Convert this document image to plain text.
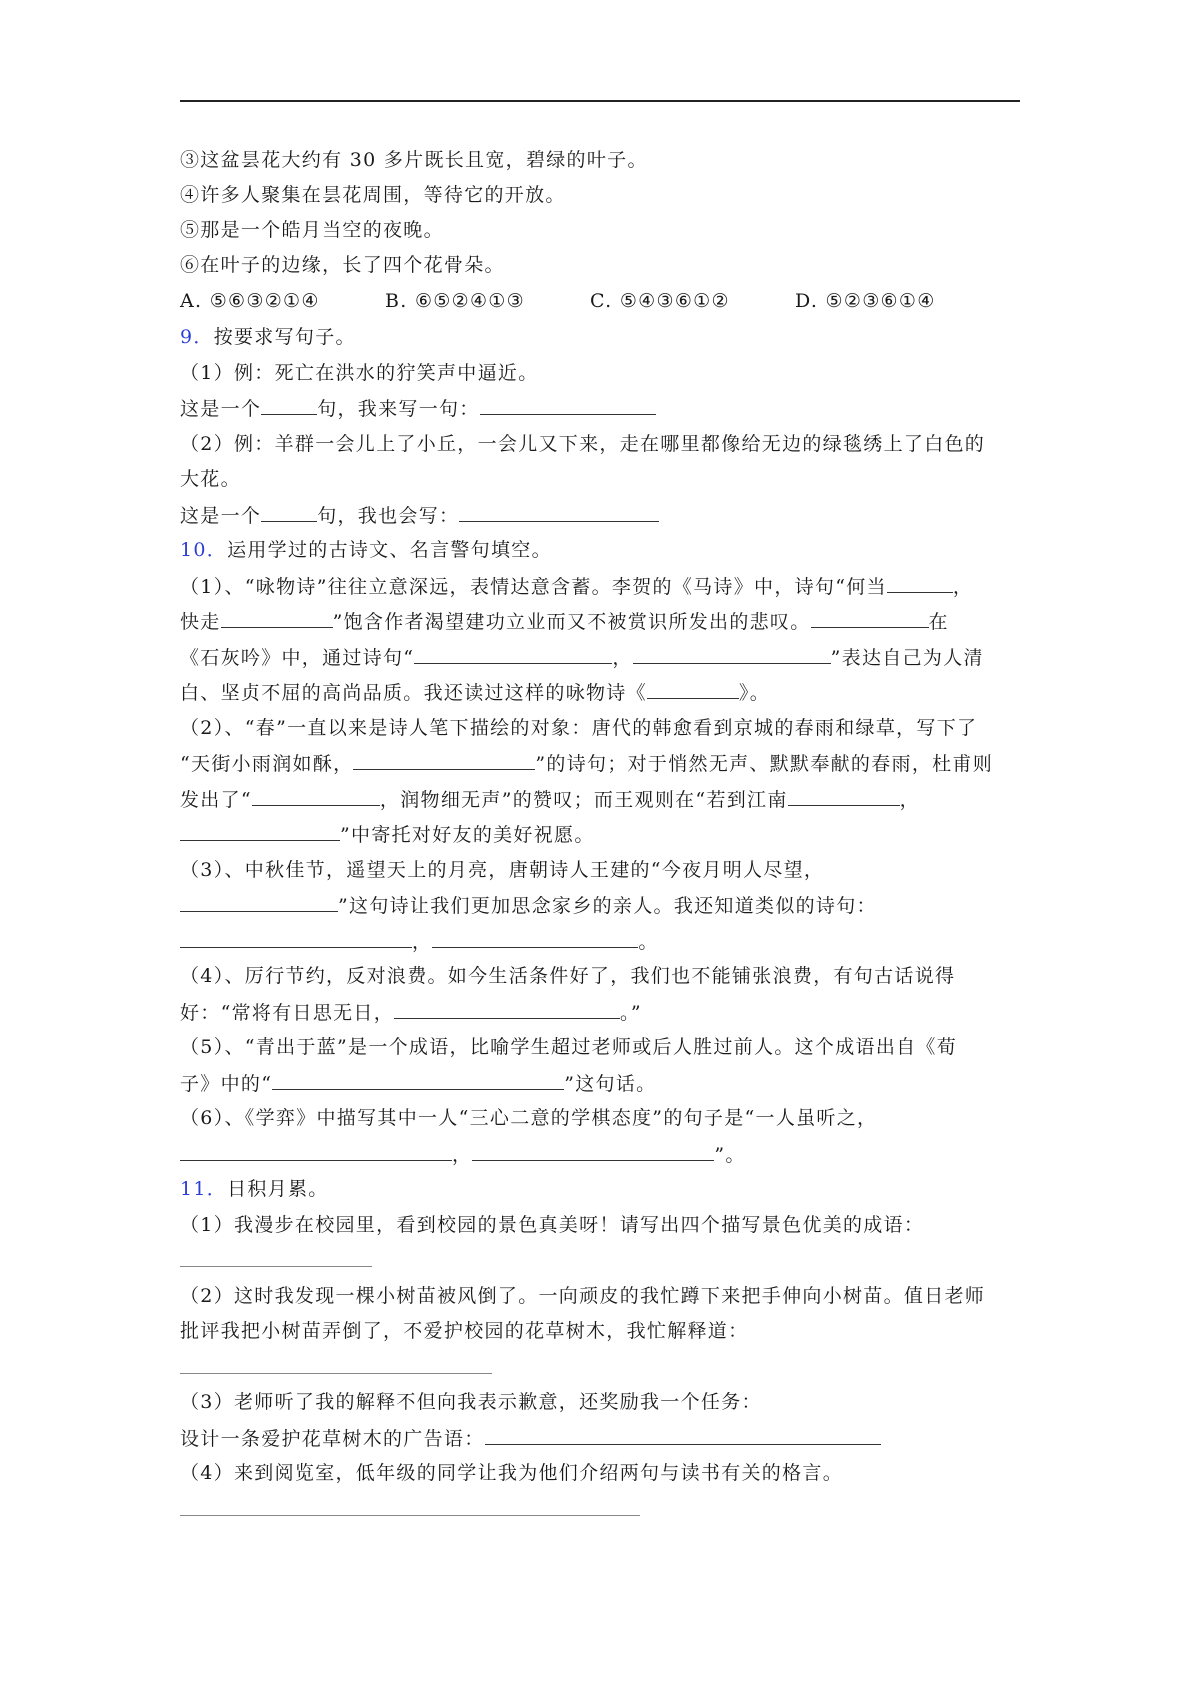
③这盆昙花大约有 30 多片既长且宽，碧绿的叶子。
④许多人聚集在昙花周围，等待它的开放。
⑤那是一个皓月当空的夜晚。
⑥在叶子的边缘，长了四个花骨朵。
A. ⑤⑥③②①④	B. ⑥⑤②④①③	C. ⑤④③⑥①②	D. ⑤②③⑥①④
9．按要求写句子。
（1）例：死亡在洪水的狞笑声中逼近。
这是一个	句，我来写一句：
（2）例：羊群一会儿上了小丘，一会儿又下来，走在哪里都像给无边的绿毯绣上了白色的
大花。
这是一个	句，我也会写：
10．运用学过的古诗文、名言警句填空。
（1）、“咏物诗”往往立意深远，表情达意含蓄。李贺的《马诗》中，诗句“何当	，
快走	”饱含作者渴望建功立业而又不被赏识所发出的悲叹。	在
《石灰吟》中，通过诗句“	，	”表达自己为人清
白、坚贞不屈的高尚品质。我还读过这样的咏物诗《	》。
（2）、“春”一直以来是诗人笔下描绘的对象：唐代的韩愈看到京城的春雨和绿草，写下了
“天街小雨润如酥，	”的诗句；对于悄然无声、默默奉献的春雨，杜甫则
发出了“	，润物细无声”的赞叹；而王观则在“若到江南	，
”中寄托对好友的美好祝愿。
（3）、中秋佳节，遥望天上的月亮，唐朝诗人王建的“今夜月明人尽望，
”这句诗让我们更加思念家乡的亲人。我还知道类似的诗句：
，	。
（4）、厉行节约，反对浪费。如今生活条件好了，我们也不能铺张浪费，有句古话说得
好：“常将有日思无日，	。”
（5）、“青出于蓝”是一个成语，比喻学生超过老师或后人胜过前人。这个成语出自《荀
子》中的“	”这句话。
（6）、《学弈》中描写其中一人“三心二意的学棋态度”的句子是“一人虽听之，
，	”。
11．日积月累。
（1）我漫步在校园里，看到校园的景色真美呀！请写出四个描写景色优美的成语：
（2）这时我发现一棵小树苗被风倒了。一向顽皮的我忙蹲下来把手伸向小树苗。值日老师
批评我把小树苗弄倒了，不爱护校园的花草树木，我忙解释道：
（3）老师听了我的解释不但向我表示歉意，还奖励我一个任务：
设计一条爱护花草树木的广告语：
（4）来到阅览室，低年级的同学让我为他们介绍两句与读书有关的格言。
